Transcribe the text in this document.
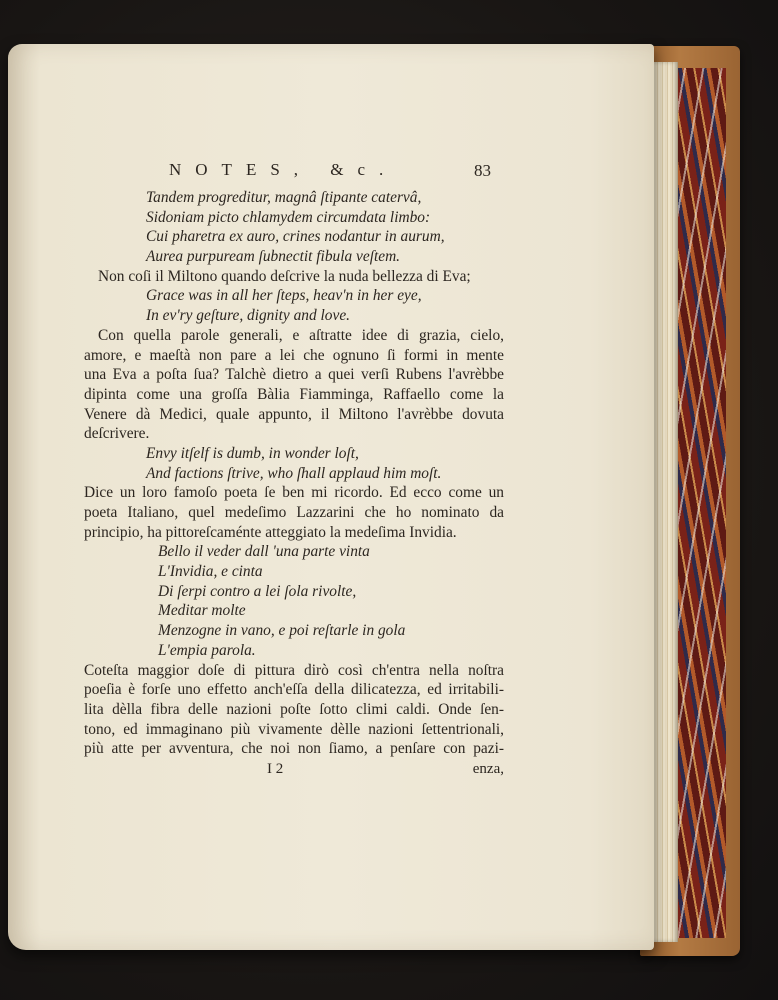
NOTES, &c.	83
Tandem progreditur, magnâ ſtipante catervâ,
Sidoniam picto chlamydem circumdata limbo:
Cui pharetra ex auro, crines nodantur in aurum,
Aurea purpuream ſubnectit fibula veſtem.
Non coſi il Miltono quando deſcrive la nuda bellezza di Eva;
Grace was in all her ſteps, heav'n in her eye,
In ev'ry geſture, dignity and love.
Con quella parole generali, e aſtratte idee di grazia, cielo,
amore, e maeſtà non pare a lei che ognuno ſi formi in mente
una Eva a poſta ſua? Talchè dietro a quei verſi Rubens l'avrèbbe
dipinta come una groſſa Bàlia Fiamminga, Raffaello come la
Venere dà Medici, quale appunto, il Miltono l'avrèbbe dovuta
deſcrivere.
Envy itſelf is dumb, in wonder loſt,
And factions ſtrive, who ſhall applaud him moſt.
Dice un loro famoſo poeta ſe ben mi ricordo. Ed ecco come un
poeta Italiano, quel medeſimo Lazzarini che ho nominato da
principio, ha pittoreſcaménte atteggiato la medeſima Invidia.
Bello il veder dall 'una parte vinta
L'Invidia, e cinta
Di ſerpi contro a lei ſola rivolte,
Meditar molte
Menzogne in vano, e poi reſtarle in gola
L'empia parola.
Coteſta maggior doſe di pittura dirò così ch'entra nella noſtra
poeſia è forſe uno effetto anch'eſſa della dilicatezza, ed irritabili-
lita dèlla fibra delle nazioni poſte ſotto climi caldi. Onde ſen-
tono, ed immaginano più vivamente dèlle nazioni ſettentrionali,
più atte per avventura, che noi non ſiamo, a penſare con pazi-
I 2	enza,
